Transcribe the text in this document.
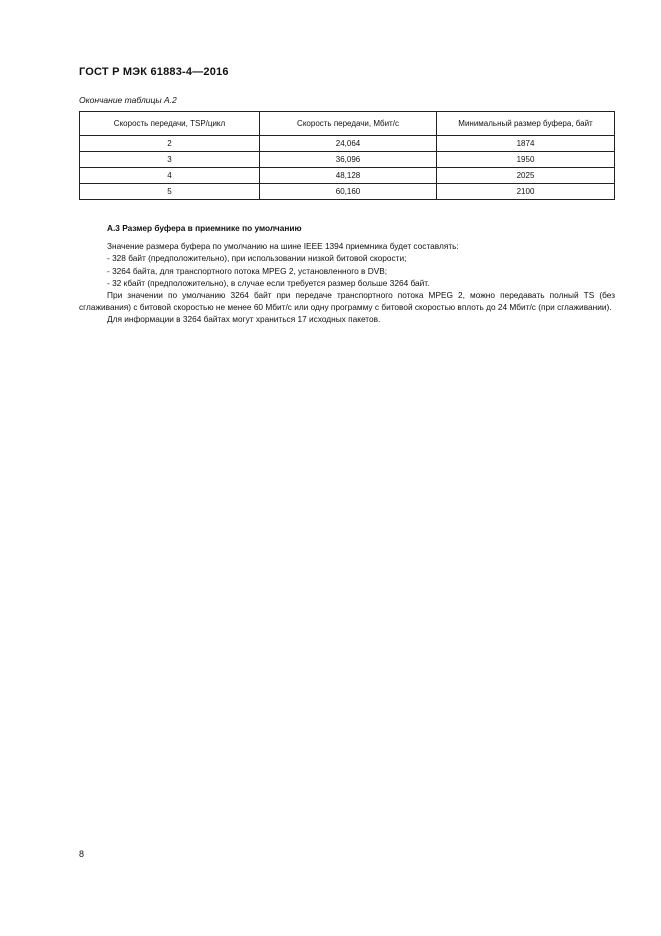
ГОСТ Р МЭК 61883-4—2016
Окончание таблицы А.2
Скорость передачи, TSP/цикл	Скорость передачи, Мбит/с	Минимальный размер буфера, байт
2	24,064	1874
3	36,096	1950
4	48,128	2025
5	60,160	2100
А.3 Размер буфера в приемнике по умолчанию
Значение размера буфера по умолчанию на шине IEEE 1394 приемника будет составлять:
- 328 байт (предположительно), при использовании низкой битовой скорости;
- 3264 байта, для транспортного потока MPEG 2, установленного в DVB;
- 32 кбайт (предположительно), в случае если требуется размер больше 3264 байт.
При значении по умолчанию 3264 байт при передаче транспортного потока MPEG 2, можно передавать полный TS (без сглаживания) с битовой скоростью не менее 60 Мбит/с или одну программу с битовой скоростью вплоть до 24 Мбит/с (при сглаживании).
Для информации в 3264 байтах могут храниться 17 исходных пакетов.
8
